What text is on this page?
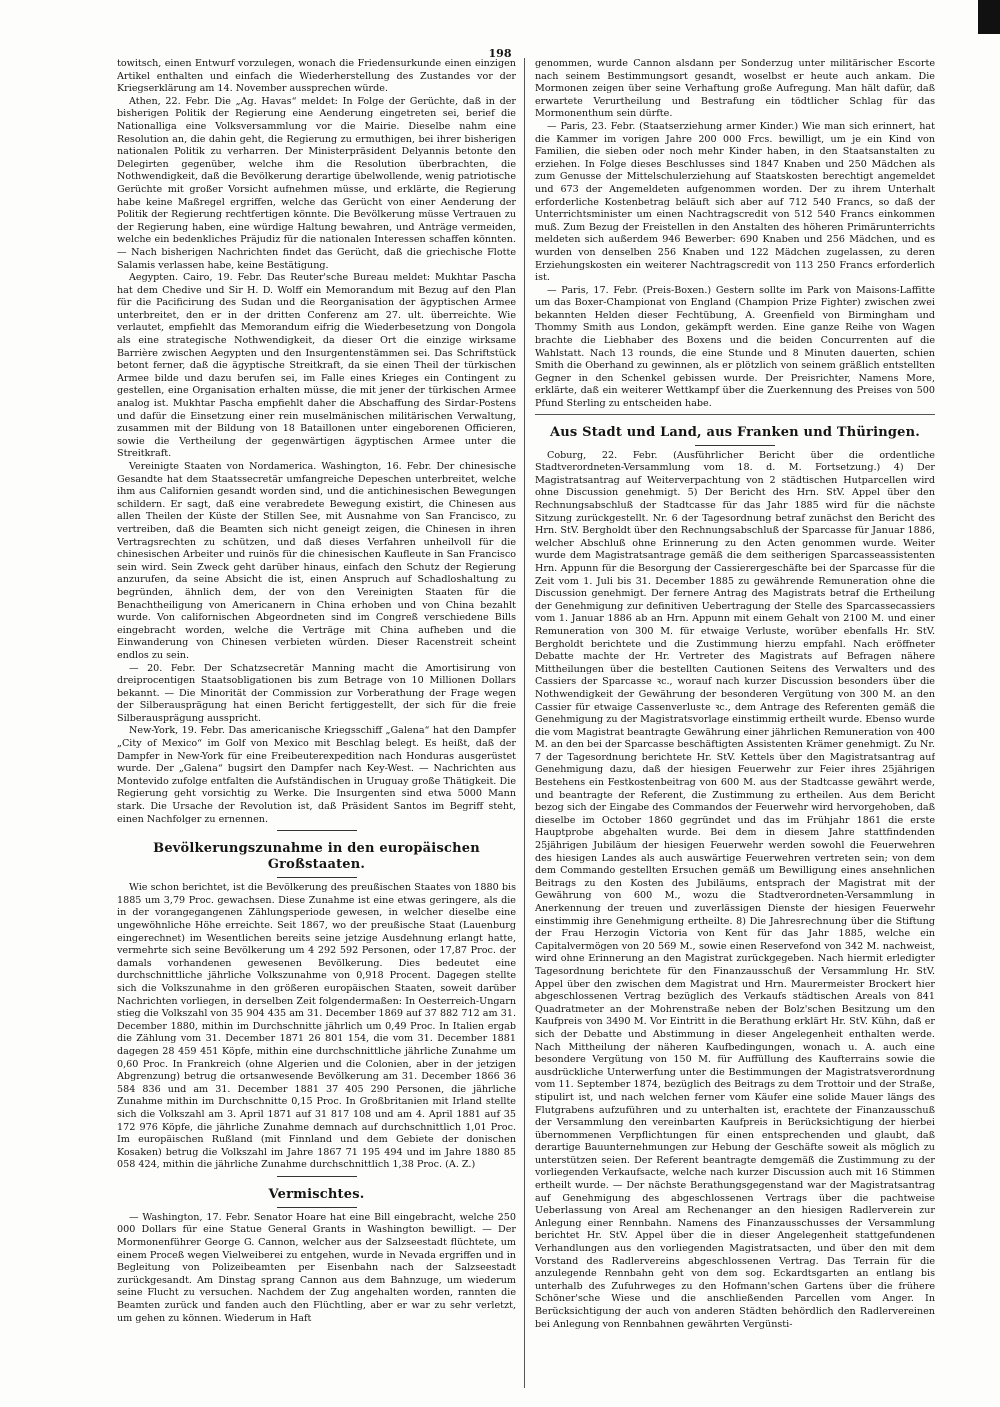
198

towitsch, einen Entwurf vorzulegen, wonach die Friedensurkunde einen einzigen Artikel enthalten und einfach die Wiederherstellung des Zustandes vor der Kriegserklärung am 14. November aussprechen würde.

Athen, 22. Febr. Die „Ag. Havas“ meldet: In Folge der Gerüchte, daß in der bisherigen Politik der Regierung eine Aenderung eingetreten sei, berief die Nationalliga eine Volksversammlung vor die Mairie. Dieselbe nahm eine Resolution an, die dahin geht, die Regierung zu ermuthigen, bei ihrer bisherigen nationalen Politik zu verharren. Der Ministerpräsident Delyannis betonte den Delegirten gegenüber, welche ihm die Resolution überbrachten, die Nothwendigkeit, daß die Bevölkerung derartige übelwollende, wenig patriotische Gerüchte mit großer Vorsicht aufnehmen müsse, und erklärte, die Regierung habe keine Maßregel ergriffen, welche das Gerücht von einer Aenderung der Politik der Regierung rechtfertigen könnte. Die Bevölkerung müsse Vertrauen zu der Regierung haben, eine würdige Haltung bewahren, und Anträge vermeiden, welche ein bedenkliches Präjudiz für die nationalen Interessen schaffen könnten. — Nach bisherigen Nachrichten findet das Gerücht, daß die griechische Flotte Salamis verlassen habe, keine Bestätigung.

Aegypten. Cairo, 19. Febr. Das Reuter'sche Bureau meldet: Mukhtar Pascha hat dem Chedive und Sir H. D. Wolff ein Memorandum mit Bezug auf den Plan für die Pacificirung des Sudan und die Reorganisation der ägyptischen Armee unterbreitet, den er in der dritten Conferenz am 27. ult. überreichte. Wie verlautet, empfiehlt das Memorandum eifrig die Wiederbesetzung von Dongola als eine strategische Nothwendigkeit, da dieser Ort die einzige wirksame Barrière zwischen Aegypten und den Insurgentenstämmen sei. Das Schriftstück betont ferner, daß die ägyptische Streitkraft, da sie einen Theil der türkischen Armee bilde und dazu berufen sei, im Falle eines Krieges ein Contingent zu gestellen, eine Organisation erhalten müsse, die mit jener der türkischen Armee analog ist. Mukhtar Pascha empfiehlt daher die Abschaffung des Sirdar-Postens und dafür die Einsetzung einer rein muselmänischen militärischen Verwaltung, zusammen mit der Bildung von 18 Bataillonen unter eingeborenen Officieren, sowie die Vertheilung der gegenwärtigen ägyptischen Armee unter die Streitkraft.

Vereinigte Staaten von Nordamerica. Washington, 16. Febr. Der chinesische Gesandte hat dem Staatssecretär umfangreiche Depeschen unterbreitet, welche ihm aus Californien gesandt worden sind, und die antichinesischen Bewegungen schildern. Er sagt, daß eine verabredete Bewegung existirt, die Chinesen aus allen Theilen der Küste der Stillen See, mit Ausnahme von San Francisco, zu vertreiben, daß die Beamten sich nicht geneigt zeigen, die Chinesen in ihren Vertragsrechten zu schützen, und daß dieses Verfahren unheilvoll für die chinesischen Arbeiter und ruinös für die chinesischen Kaufleute in San Francisco sein wird. Sein Zweck geht darüber hinaus, einfach den Schutz der Regierung anzurufen, da seine Absicht die ist, einen Anspruch auf Schadloshaltung zu begründen, ähnlich dem, der von den Vereinigten Staaten für die Benachtheiligung von Americanern in China erhoben und von China bezahlt wurde. Von californischen Abgeordneten sind im Congreß verschiedene Bills eingebracht worden, welche die Verträge mit China aufheben und die Einwanderung von Chinesen verbieten würden. Dieser Racenstreit scheint endlos zu sein.

— 20. Febr. Der Schatzsecretär Manning macht die Amortisirung von dreiprocentigen Staatsobligationen bis zum Betrage von 10 Millionen Dollars bekannt. — Die Minorität der Commission zur Vorberathung der Frage wegen der Silberausprägung hat einen Bericht fertiggestellt, der sich für die freie Silberausprägung ausspricht.

New-York, 19. Febr. Das americanische Kriegsschiff „Galena“ hat den Dampfer „City of Mexico“ im Golf von Mexico mit Beschlag belegt. Es heißt, daß der Dampfer in New-York für eine Freibeuterexpedition nach Honduras ausgerüstet wurde. Der „Galena“ bugsirt den Dampfer nach Key-West. — Nachrichten aus Montevido zufolge entfalten die Aufständischen in Uruguay große Thätigkeit. Die Regierung geht vorsichtig zu Werke. Die Insurgenten sind etwa 5000 Mann stark. Die Ursache der Revolution ist, daß Präsident Santos im Begriff steht, einen Nachfolger zu ernennen.

Bevölkerungszunahme in den europäischen Großstaaten.

Wie schon berichtet, ist die Bevölkerung des preußischen Staates von 1880 bis 1885 um 3,79 Proc. gewachsen. Diese Zunahme ist eine etwas geringere, als die in der vorangegangenen Zählungsperiode gewesen, in welcher dieselbe eine ungewöhnliche Höhe erreichte. Seit 1867, wo der preußische Staat (Lauenburg eingerechnet) im Wesentlichen bereits seine jetzige Ausdehnung erlangt hatte, vermehrte sich seine Bevölkerung um 4 292 592 Personen, oder 17,87 Proc. der damals vorhandenen gewesenen Bevölkerung. Dies bedeutet eine durchschnittliche jährliche Volkszunahme von 0,918 Procent. Dagegen stellte sich die Volkszunahme in den größeren europäischen Staaten, soweit darüber Nachrichten vorliegen, in derselben Zeit folgendermaßen: In Oesterreich-Ungarn stieg die Volkszahl von 35 904 435 am 31. December 1869 auf 37 882 712 am 31. December 1880, mithin im Durchschnitte jährlich um 0,49 Proc. In Italien ergab die Zählung vom 31. December 1871 26 801 154, die vom 31. December 1881 dagegen 28 459 451 Köpfe, mithin eine durchschnittliche jährliche Zunahme um 0,60 Proc. In Frankreich (ohne Algerien und die Colonien, aber in der jetzigen Abgrenzung) betrug die ortsanwesende Bevölkerung am 31. December 1866 36 584 836 und am 31. December 1881 37 405 290 Personen, die jährliche Zunahme mithin im Durchschnitte 0,15 Proc. In Großbritanien mit Irland stellte sich die Volkszahl am 3. April 1871 auf 31 817 108 und am 4. April 1881 auf 35 172 976 Köpfe, die jährliche Zunahme demnach auf durchschnittlich 1,01 Proc. Im europäischen Rußland (mit Finnland und dem Gebiete der donischen Kosaken) betrug die Volkszahl im Jahre 1867 71 195 494 und im Jahre 1880 85 058 424, mithin die jährliche Zunahme durchschnittlich 1,38 Proc. (A. Z.)

Vermischtes.

— Washington, 17. Febr. Senator Hoare hat eine Bill eingebracht, welche 250 000 Dollars für eine Statue General Grants in Washington bewilligt. — Der Mormonenführer George G. Cannon, welcher aus der Salzseestadt flüchtete, um einem Proceß wegen Vielweiberei zu entgehen, wurde in Nevada ergriffen und in Begleitung von Polizeibeamten per Eisenbahn nach der Salzseestadt zurückgesandt. Am Dinstag sprang Cannon aus dem Bahnzuge, um wiederum seine Flucht zu versuchen. Nachdem der Zug angehalten worden, rannten die Beamten zurück und fanden auch den Flüchtling, aber er war zu sehr verletzt, um gehen zu können. Wiederum in Haft

genommen, wurde Cannon alsdann per Sonderzug unter militärischer Escorte nach seinem Bestimmungsort gesandt, woselbst er heute auch ankam. Die Mormonen zeigen über seine Verhaftung große Aufregung. Man hält dafür, daß erwartete Verurtheilung und Bestrafung ein tödtlicher Schlag für das Mormonenthum sein dürfte.

— Paris, 23. Febr. (Staatserziehung armer Kinder.) Wie man sich erinnert, hat die Kammer im vorigen Jahre 200 000 Frcs. bewilligt, um je ein Kind von Familien, die sieben oder noch mehr Kinder haben, in den Staatsanstalten zu erziehen. In Folge dieses Beschlusses sind 1847 Knaben und 250 Mädchen als zum Genusse der Mittelschulerziehung auf Staatskosten berechtigt angemeldet und 673 der Angemeldeten aufgenommen worden. Der zu ihrem Unterhalt erforderliche Kostenbetrag beläuft sich aber auf 712 540 Francs, so daß der Unterrichtsminister um einen Nachtragscredit von 512 540 Francs einkommen muß. Zum Bezug der Freistellen in den Anstalten des höheren Primärunterrichts meldeten sich außerdem 946 Bewerber: 690 Knaben und 256 Mädchen, und es wurden von denselben 256 Knaben und 122 Mädchen zugelassen, zu deren Erziehungskosten ein weiterer Nachtragscredit von 113 250 Francs erforderlich ist.

— Paris, 17. Febr. (Preis-Boxen.) Gestern sollte im Park von Maisons-Laffitte um das Boxer-Championat von England (Champion Prize Fighter) zwischen zwei bekannten Helden dieser Fechtübung, A. Greenfield von Birmingham und Thommy Smith aus London, gekämpft werden. Eine ganze Reihe von Wagen brachte die Liebhaber des Boxens und die beiden Concurrenten auf die Wahlstatt. Nach 13 rounds, die eine Stunde und 8 Minuten dauerten, schien Smith die Oberhand zu gewinnen, als er plötzlich von seinem gräßlich entstellten Gegner in den Schenkel gebissen wurde. Der Preisrichter, Namens More, erklärte, daß ein weiterer Wettkampf über die Zuerkennung des Preises von 500 Pfund Sterling zu entscheiden habe.

Aus Stadt und Land, aus Franken und Thüringen.

Coburg, 22. Febr. (Ausführlicher Bericht über die ordentliche Stadtverordneten-Versammlung vom 18. d. M. Fortsetzung.) 4) Der Magistratsantrag auf Weiterverpachtung von 2 städtischen Hutparcellen wird ohne Discussion genehmigt. 5) Der Bericht des Hrn. StV. Appel über den Rechnungsabschluß der Stadtcasse für das Jahr 1885 wird für die nächste Sitzung zurückgestellt. Nr. 6 der Tagesordnung betraf zunächst den Bericht des Hrn. StV. Bergholdt über den Rechnungsabschluß der Sparcasse für Januar 1886, welcher Abschluß ohne Erinnerung zu den Acten genommen wurde. Weiter wurde dem Magistratsantrage gemäß die dem seitherigen Sparcasseassistenten Hrn. Appunn für die Besorgung der Cassierergeschäfte bei der Sparcasse für die Zeit vom 1. Juli bis 31. December 1885 zu gewährende Remuneration ohne die Discussion genehmigt. Der fernere Antrag des Magistrats betraf die Ertheilung der Genehmigung zur definitiven Uebertragung der Stelle des Sparcassecassiers vom 1. Januar 1886 ab an Hrn. Appunn mit einem Gehalt von 2100 M. und einer Remuneration von 300 M. für etwaige Verluste, worüber ebenfalls Hr. StV. Bergholdt berichtete und die Zustimmung hierzu empfahl. Nach eröffneter Debatte machte der Hr. Vertreter des Magistrats auf Befragen nähere Mittheilungen über die bestellten Cautionen Seitens des Verwalters und des Cassiers der Sparcasse ꝛc., worauf nach kurzer Discussion besonders über die Nothwendigkeit der Gewährung der besonderen Vergütung von 300 M. an den Cassier für etwaige Cassenverluste ꝛc., dem Antrage des Referenten gemäß die Genehmigung zu der Magistratsvorlage einstimmig ertheilt wurde. Ebenso wurde die vom Magistrat beantragte Gewährung einer jährlichen Remuneration von 400 M. an den bei der Sparcasse beschäftigten Assistenten Krämer genehmigt. Zu Nr. 7 der Tagesordnung berichtete Hr. StV. Kettels über den Magistratsantrag auf Genehmigung dazu, daß der hiesigen Feuerwehr zur Feier ihres 25jährigen Bestehens ein Festkostenbeitrag von 600 M. aus der Stadtcasse gewährt werde, und beantragte der Referent, die Zustimmung zu ertheilen. Aus dem Bericht bezog sich der Eingabe des Commandos der Feuerwehr wird hervorgehoben, daß dieselbe im October 1860 gegründet und das im Frühjahr 1861 die erste Hauptprobe abgehalten wurde. Bei dem in diesem Jahre stattfindenden 25jährigen Jubiläum der hiesigen Feuerwehr werden sowohl die Feuerwehren des hiesigen Landes als auch auswärtige Feuerwehren vertreten sein; von dem dem Commando gestellten Ersuchen gemäß um Bewilligung eines ansehnlichen Beitrags zu den Kosten des Jubiläums, entsprach der Magistrat mit der Gewährung von 600 M., wozu die Stadtverordneten-Versammlung in Anerkennung der treuen und zuverlässigen Dienste der hiesigen Feuerwehr einstimmig ihre Genehmigung ertheilte. 8) Die Jahresrechnung über die Stiftung der Frau Herzogin Victoria von Kent für das Jahr 1885, welche ein Capitalvermögen von 20 569 M., sowie einen Reservefond von 342 M. nachweist, wird ohne Erinnerung an den Magistrat zurückgegeben. Nach hiermit erledigter Tagesordnung berichtete für den Finanzausschuß der Versammlung Hr. StV. Appel über den zwischen dem Magistrat und Hrn. Maurermeister Brockert hier abgeschlossenen Vertrag bezüglich des Verkaufs städtischen Areals von 841 Quadratmeter an der Mohrenstraße neben der Bolz'schen Besitzung um den Kaufpreis von 3490 M. Vor Eintritt in die Berathung erklärt Hr. StV. Kühn, daß er sich der Debatte und Abstimmung in dieser Angelegenheit enthalten werde. Nach Mittheilung der näheren Kaufbedingungen, wonach u. A. auch eine besondere Vergütung von 150 M. für Auffüllung des Kaufterrains sowie die ausdrückliche Unterwerfung unter die Bestimmungen der Magistratsverordnung vom 11. September 1874, bezüglich des Beitrags zu dem Trottoir und der Straße, stipulirt ist, und nach welchen ferner vom Käufer eine solide Mauer längs des Flutgrabens aufzuführen und zu unterhalten ist, erachtete der Finanzausschuß der Versammlung den vereinbarten Kaufpreis in Berücksichtigung der hierbei übernommenen Verpflichtungen für einen entsprechenden und glaubt, daß derartige Bauunternehmungen zur Hebung der Geschäfte soweit als möglich zu unterstützen seien. Der Referent beantragte demgemäß die Zustimmung zu der vorliegenden Verkaufsacte, welche nach kurzer Discussion auch mit 16 Stimmen ertheilt wurde. — Der nächste Berathungsgegenstand war der Magistratsantrag auf Genehmigung des abgeschlossenen Vertrags über die pachtweise Ueberlassung von Areal am Rechenanger an den hiesigen Radlerverein zur Anlegung einer Rennbahn. Namens des Finanzausschusses der Versammlung berichtet Hr. StV. Appel über die in dieser Angelegenheit stattgefundenen Verhandlungen aus den vorliegenden Magistratsacten, und über den mit dem Vorstand des Radlervereins abgeschlossenen Vertrag. Das Terrain für die anzulegende Rennbahn geht von dem sog. Eckardtsgarten an entlang bis unterhalb des Zufuhrweges zu den Hofmann'schen Gartens über die frühere Schöner'sche Wiese und die anschließenden Parcellen vom Anger. In Berücksichtigung der auch von anderen Städten behördlich den Radlervereinen bei Anlegung von Rennbahnen gewährten Vergünsti-
